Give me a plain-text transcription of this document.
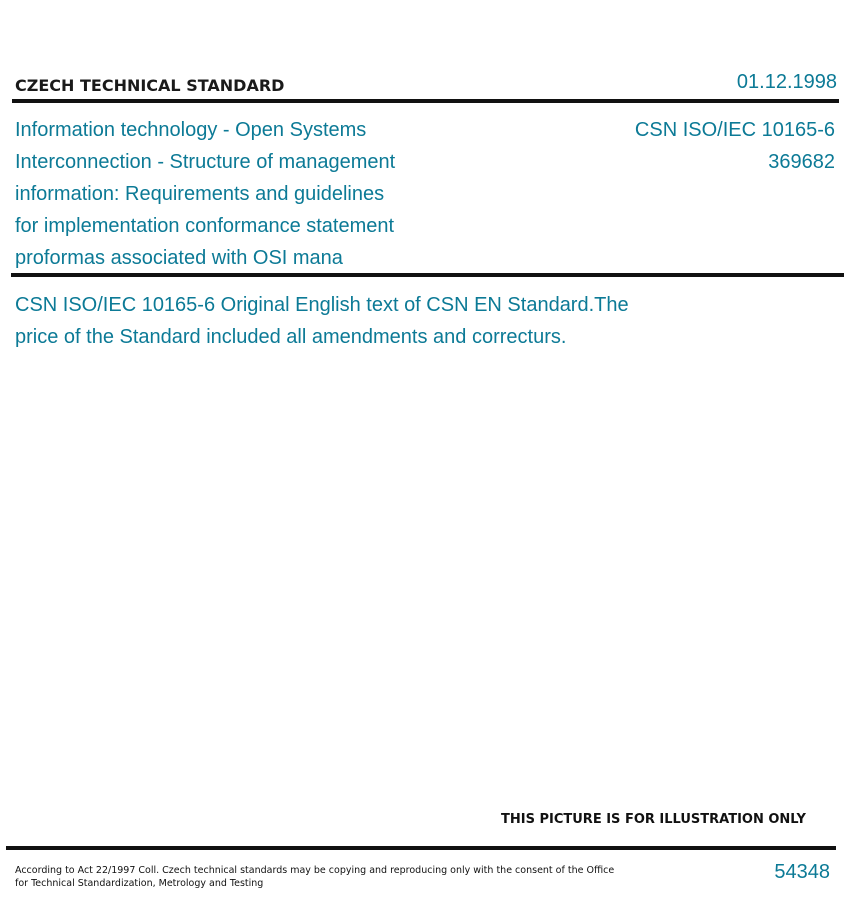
CZECH TECHNICAL STANDARD	01.12.1998
Information technology - Open Systems
Interconnection - Structure of management
information: Requirements and guidelines
for implementation conformance statement
proformas associated with OSI mana
CSN ISO/IEC 10165-6
369682
CSN ISO/IEC 10165-6 Original English text of CSN EN Standard.The
price of the Standard included all amendments and correcturs.
THIS PICTURE IS FOR ILLUSTRATION ONLY
According to Act 22/1997 Coll. Czech technical standards may be copying and reproducing only with the consent of the Office
for Technical Standardization, Metrology and Testing
54348
